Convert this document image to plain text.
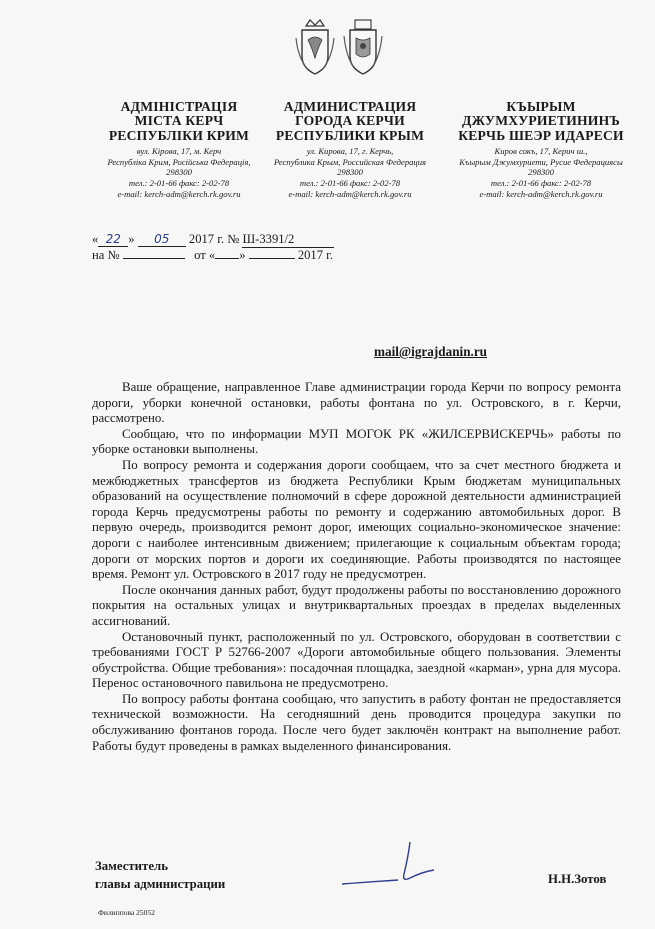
АДМІНІСТРАЦІЯ
МІСТА КЕРЧ
РЕСПУБЛІКИ КРИМ
вул. Кірова, 17, м. Керч
Республіка Крим, Російська Федерація,
298300
тел.: 2-01-66 факс: 2-02-78
e-mail: kerch-adm@kerch.rk.gov.ru
АДМИНИСТРАЦИЯ
ГОРОДА КЕРЧИ
РЕСПУБЛИКИ КРЫМ
ул. Кирова, 17, г. Керчь,
Республика Крым, Российская Федерация
298300
тел.: 2-01-66 факс: 2-02-78
e-mail: kerch-adm@kerch.rk.gov.ru
КЪЫРЫМ
ДЖУМХУРИЕТИНИНЪ
КЕРЧЬ ШЕЭР ИДАРЕСИ
Киров сокъ, 17, Керич ш.,
Къырым Джумхуриети, Русие Федерациясы
298300
тел.: 2-01-66 факс: 2-02-78
e-mail: kerch-adm@kerch.rk.gov.ru
« 22 » 05 2017 г. № Ш-3391/2
на №	от « »	2017 г.
mail@igrajdanin.ru

Ваше обращение, направленное Главе администрации города Керчи по вопросу ремонта дороги, уборки конечной остановки, работы фонтана по ул. Островского, в г. Керчи, рассмотрено.

Сообщаю, что по информации МУП МОГОК РК «ЖИЛСЕРВИСКЕРЧЬ» работы по уборке остановки выполнены.

По вопросу ремонта и содержания дороги сообщаем, что за счет местного бюджета и межбюджетных трансфертов из бюджета Республики Крым бюджетам муниципальных образований на осуществление полномочий в сфере дорожной деятельности администрацией города Керчь предусмотрены работы по ремонту и содержанию автомобильных дорог. В первую очередь, производится ремонт дорог, имеющих социально-экономическое значение: дороги с наиболее интенсивным движением; прилегающие к социальным объектам города; дороги от морских портов и дороги их соединяющие. Работы производятся по настоящее время. Ремонт ул. Островского в 2017 году не предусмотрен.

После окончания данных работ, будут продолжены работы по восстановлению дорожного покрытия на остальных улицах и внутриквартальных проездах в пределах выделенных ассигнований.

Остановочный пункт, расположенный по ул. Островского, оборудован в соответствии с требованиями ГОСТ Р 52766-2007 «Дороги автомобильные общего пользования. Элементы обустройства. Общие требования»: посадочная площадка, заездной «карман», урна для мусора. Перенос остановочного павильона не предусмотрено.

По вопросу работы фонтана сообщаю, что запустить в работу фонтан не предоставляется технической возможности. На сегодняшний день проводится процедура закупки по обслуживанию фонтанов города. После чего будет заключён контракт на выполнение работ. Работы будут проведены в рамках выделенного финансирования.

Заместитель
главы администрации	Н.Н.Зотов
Филиппова 25052
